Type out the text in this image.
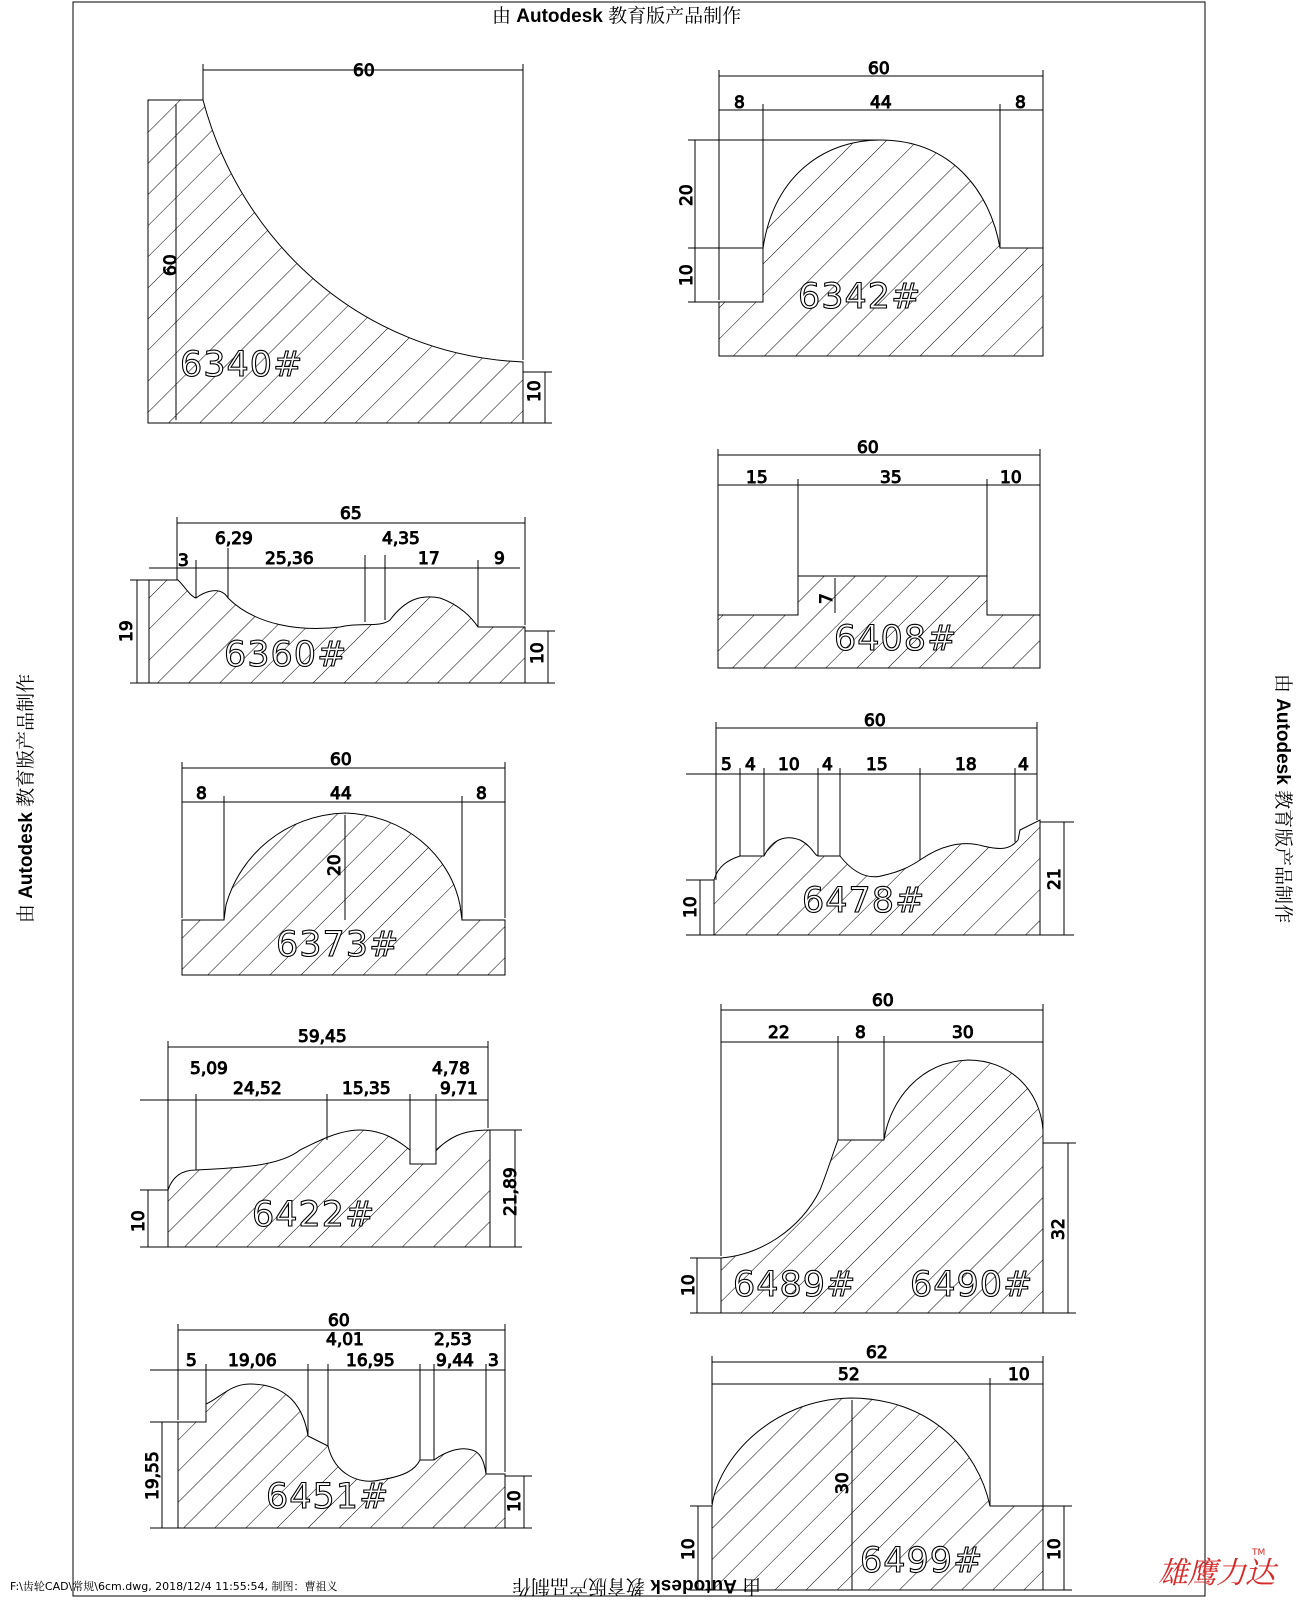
60
60
10
6340#
60
8	44	8
20
10
6342#
65
3
6,29
25,36
4,35
17	9
19
10
6360#
60
15	35	10
7
6408#
60
8	44	8
20
6373#
60
5 4 10 4 15	18 4
10
21
6478#
59,45
5,09
24,52	15,35
4,78
9,71
10
21,89
6422#
60
22	8	30
10
32
6489# 6490#
60
5 19,06
4,01
16,95
2,53
9,44 3
19,55
10
6451#
62
52	10
30
10	10
6499#
由 Autodesk 教育版产品制作
由 Autodesk 教育版产品制作
由 Autodesk 教育版产品制作	由 Autodesk 教育版产品制作
F:\齿轮CAD\常规\6cm.dwg, 2018/12/4 11:55:54, 制图：曹祖义	雄鹰力达
TM
